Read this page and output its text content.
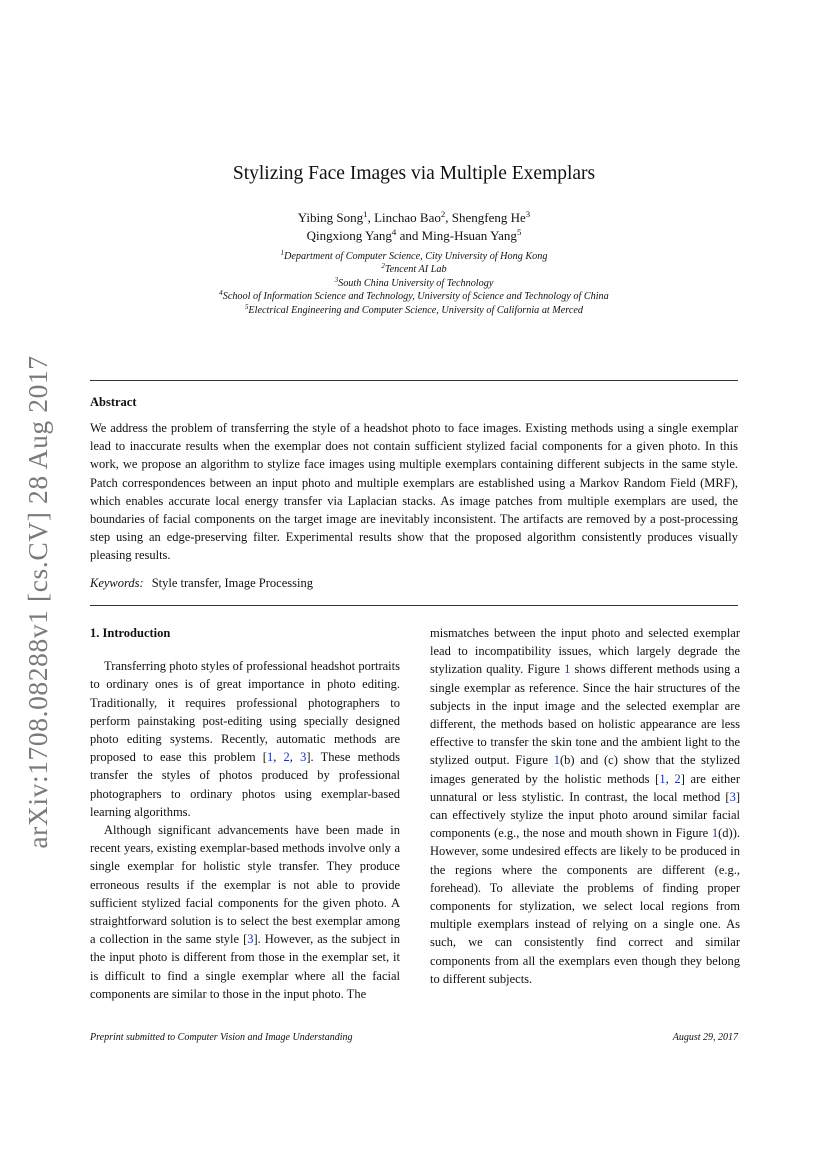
arXiv:1708.08288v1 [cs.CV] 28 Aug 2017
Stylizing Face Images via Multiple Exemplars
Yibing Song$^1$, Linchao Bao$^2$, Shengfeng He$^3$
Qingxiong Yang$^4$ and Ming-Hsuan Yang$^5$
$^1$Department of Computer Science, City University of Hong Kong
$^2$Tencent AI Lab
$^3$South China University of Technology
$^4$School of Information Science and Technology, University of Science and Technology of China
$^5$Electrical Engineering and Computer Science, University of California at Merced
Abstract
We address the problem of transferring the style of a headshot photo to face images. Existing methods using a single exemplar lead to inaccurate results when the exemplar does not contain sufficient stylized facial components for a given photo. In this work, we propose an algorithm to stylize face images using multiple exemplars containing different subjects in the same style. Patch correspondences between an input photo and multiple exemplars are established using a Markov Random Field (MRF), which enables accurate local energy transfer via Laplacian stacks. As image patches from multiple exemplars are used, the boundaries of facial components on the target image are inevitably inconsistent. The artifacts are removed by a post-processing step using an edge-preserving filter. Experimental results show that the proposed algorithm consistently produces visually pleasing results.
Keywords: Style transfer, Image Processing
1. Introduction

Transferring photo styles of professional headshot portraits to ordinary ones is of great importance in photo editing. Traditionally, it requires professional photographers to perform painstaking post-editing using specially designed photo editing systems. Recently, automatic methods are proposed to ease this problem [1, 2, 3]. These methods transfer the styles of photos produced by professional photographers to ordinary photos using exemplar-based learning algorithms.

Although significant advancements have been made in recent years, existing exemplar-based methods involve only a single exemplar for holistic style transfer. They produce erroneous results if the exemplar is not able to provide sufficient stylized facial components for the given photo. A straightforward solution is to select the best exemplar among a collection in the same style [3]. However, as the subject in the input photo is different from those in the exemplar set, it is difficult to find a single exemplar where all the facial components are similar to those in the input photo. The

mismatches between the input photo and selected exemplar lead to incompatibility issues, which largely degrade the stylization quality. Figure 1 shows different methods using a single exemplar as reference. Since the hair structures of the subjects in the input image and the selected exemplar are different, the methods based on holistic appearance are less effective to transfer the skin tone and the ambient light to the stylized output. Figure 1(b) and (c) show that the stylized images generated by the holistic methods [1, 2] are either unnatural or less stylistic. In contrast, the local method [3] can effectively stylize the input photo around similar facial components (e.g., the nose and mouth shown in Figure 1(d)). However, some undesired effects are likely to be produced in the regions where the components are different (e.g., forehead). To alleviate the problems of finding proper components for stylization, we select local regions from multiple exemplars instead of relying on a single one. As such, we can consistently find correct and similar components from all the exemplars even though they belong to different subjects.

Preprint submitted to Computer Vision and Image Understanding	August 29, 2017
